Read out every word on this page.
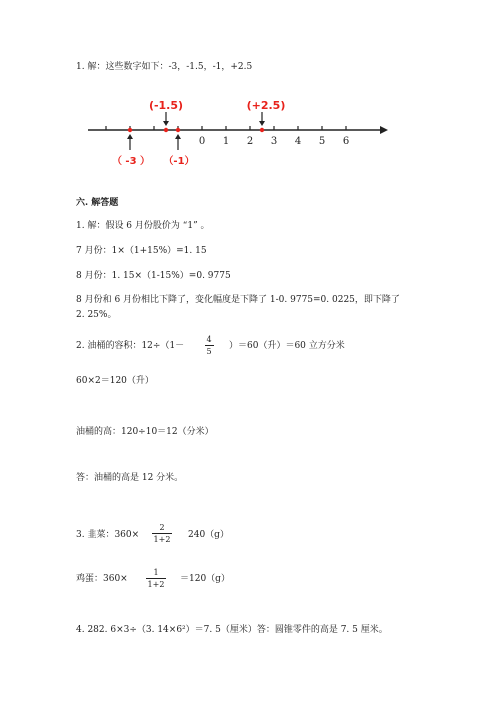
1. 解：这些数字如下：-3，-1.5，-1，+2.5
0 1 2 3 4 5 6
(-1.5)	(+2.5)
（ -3 ） （-1）
六. 解答题
1. 解：假设 6 月份股价为 “1” 。
7 月份：1×（1+15%）=1. 15
8 月份：1. 15×（1-15%）=0. 9775
8 月份和 6 月份相比下降了，变化幅度是下降了 1-0. 9775=0. 0225，即下降了
2. 25%。
2. 油桶的容积：12÷（1－
4
5
）＝60（升）＝60 立方分米
60×2＝120（升）
油桶的高：120÷10＝12（分米）
答：油桶的高是 12 分米。
3. 韭菜：360×
2
1+2 240（g）
鸡蛋：360×
1
1+2
＝120（g）
4. 282. 6×3÷（3. 14×6²）＝7. 5（厘米）答：圆锥零件的高是 7. 5 厘米。
